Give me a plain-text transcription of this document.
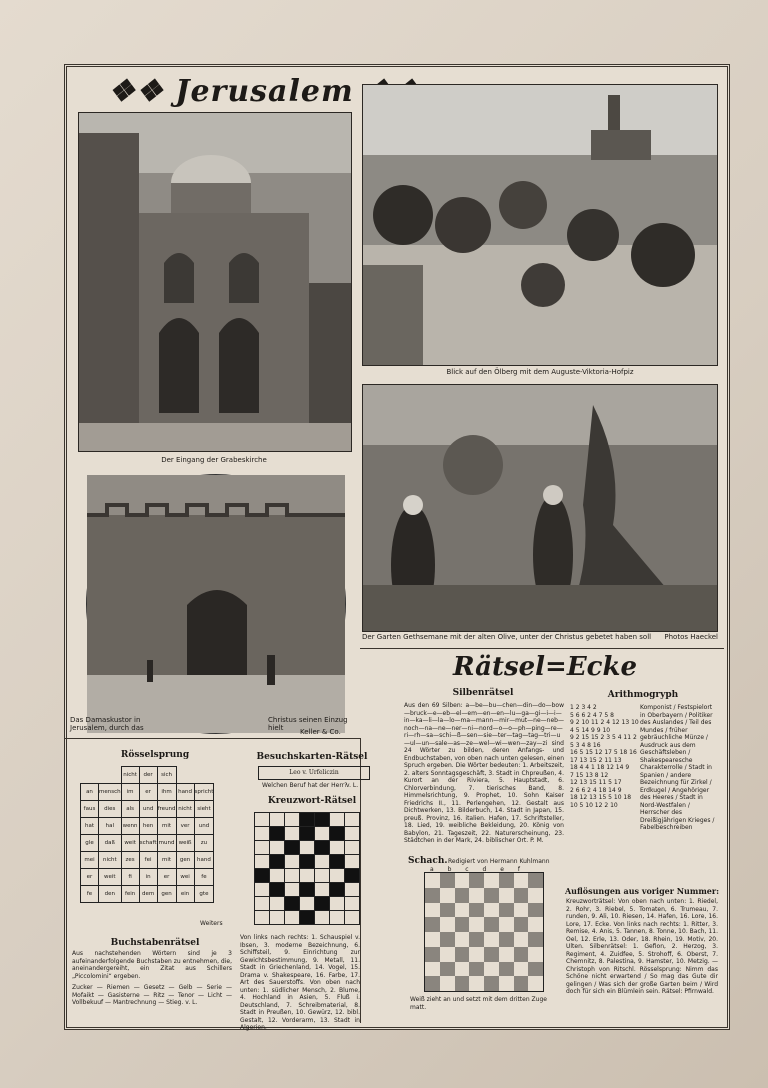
❖❖ Jerusalem
Der Eingang der Grabeskirche
Blick auf den Ölberg mit dem Auguste-Viktoria-Hofpiz
Der Garten Gethsemane mit der alten Olive, unter der Christus gebetet haben soll	Photos Haeckel
Das Damaskustor in Jerusalem, durch das
Christus seinen Einzug hielt	Keller & Co.
Rätsel=Ecke
Silbenrätsel
Aus den 69 Silben: a—be—bu—chen—din—do—bow—bruck—e—eb—el—em—en—en—lu—ga—gi—i—i—in—ka—li—la—lo—ma—mann—mir—mut—ne—neb—noch—na—ne—ner—ni—nord—o—o—ph—ping—re—ri—rh—sa—schi—ß—sen—sie—ter—tag—tag—tri—u—ul—un—sale—as—ze—wel—wi—wen—zay—zi sind 24 Wörter zu bilden, deren Anfangs- und Endbuchstaben, von oben nach unten gelesen, einen Spruch ergeben. Die Wörter bedeuten: 1. Arbeitszeit, 2. alters Sonntagsgeschäft, 3. Stadt in Chpreußen, 4. Kurort an der Riviera, 5. Hauptstadt, 6. Chlorverbindung, 7. tierisches Band, 8. Himmelsrichtung, 9. Prophet, 10. Sohn Kaiser Friedrichs II., 11. Perlengehen, 12. Gestalt aus Dichtwerken, 13. Bilderbuch, 14. Stadt in Japan, 15. preuß. Provinz, 16. italien. Hafen, 17. Schriftsteller, 18. Lied, 19. weibliche Bekleidung, 20. König von Babylon, 21. Tageszeit, 22. Naturerscheinung, 23. Städtchen in der Mark, 24. biblischer Ort. P. M.
Arithmogryph
1 2 3 4 2
5 6 6 2 4 7 5 8
9 2 10 11 2 4 12 13 10
4 5 14 9 9 10
9 2 15 15 2 3 5 4 11 2
5 3 4 8 16
16 5 15 12 17 5 18 16
17 13 15 2 11 13
18 4 4 1 18 12 14 9
7 15 13 8 12
12 13 15 11 5 17
2 6 6 2 4 18 14 9
18 12 13 15 5 10 18
10 5 10 12 2 10
Komponist / Festspielort in Oberbayern / Politiker des Auslandes / Teil des Mundes / früher gebräuchliche Münze / Ausdruck aus dem Geschäftsleben / Shakespearesche Charakterrolle / Stadt in Spanien / andere Bezeichnung für Zirkel / Erdkugel / Angehöriger des Heeres / Stadt in Nord-Westfalen / Herrscher des Dreißigjährigen Krieges / Fabelbeschreiben
Schach. Redigiert von Hermann Kuhlmann
a b c d e f
Weiß zieht an und setzt mit dem dritten Zuge matt.
Auflösungen aus voriger Nummer:
Kreuzworträtsel: Von oben nach unten: 1. Riedel, 2. Rohr, 3. Riebel, 5. Tomaten, 6. Trumeau, 7. runden, 9. Ali, 10. Riesen, 14. Hafen, 16. Lore, 16. Lore, 17. Ecke. Von links nach rechts: 1. Ritter, 3. Remise, 4. Anis, 5. Tannen, 8. Tonne, 10. Bach, 11. Oel, 12. Erle, 13. Oder, 18. Rhein, 19. Motiv, 20. Ulten. Silbenrätsel: 1. Gefion, 2. Herzog, 3. Regiment, 4. Zuidfee, 5. Strohoff, 6. Oberst, 7. Chemnitz, 8. Palestina, 9. Hamster, 10. Metzig. — Christoph von Ritschl. Rösselsprung: Nimm das Schöne nicht erwartend / So mag das Gute dir gelingen / Was sich der große Garten beim / Wird doch für sich ein Blümlein sein. Rätsel: Pfirnwald.
Rösselsprung
		nicht	der	sich		
an	mensch	im	er	ihm	hand	spricht
faus	dies	als	und	freund	nicht	sieht
hat	hal	wenn	hen	mit	ver	und
gle	daß	weit	schaft	mund	weiß	zu
mei	nicht	zes	fei	mit	gen	hand
er	weit	fi	in	er	wei	fe
fe	den	fein	dem	gen	ein	gte
Weiters
Besuchskarten-Rätsel
Leo v. Urfeliczin
Welchen Beruf hat der Herr?
v. L.
Kreuzwort-Rätsel

Von links nach rechts: 1. Schauspiel v. Ibsen, 3. moderne Bezeichnung, 6. Schiffsteil, 9. Einrichtung zur Gewichtsbestimmung, 9. Metall, 11. Stadt in Griechenland, 14. Vogel, 15. Drama v. Shakespeare, 16. Farbe, 17. Art des Sauerstoffs. Von oben nach unten: 1. südlicher Mensch, 2. Blume, 4. Hochland in Asien, 5. Fluß i. Deutschland, 7. Schreibmaterial, 8. Stadt in Preußen, 10. Gewürz, 12. bibl. Gestalt, 12. Vorderarm, 13. Stadt in Algerien.
Buchstabenrätsel
Aus nachstehenden Wörtern sind je 3 aufeinanderfolgende Buchstaben zu entnehmen, die, aneinandergereiht, ein Zitat aus Schillers „Piccolomini“ ergeben.
Zucker — Riemen — Gesetz — Gelb — Serie — Mofaikt — Gasisterne — Ritz — Tenor — Licht — Vollbekuuf — Mantrechnung — Stieg. v. L.
